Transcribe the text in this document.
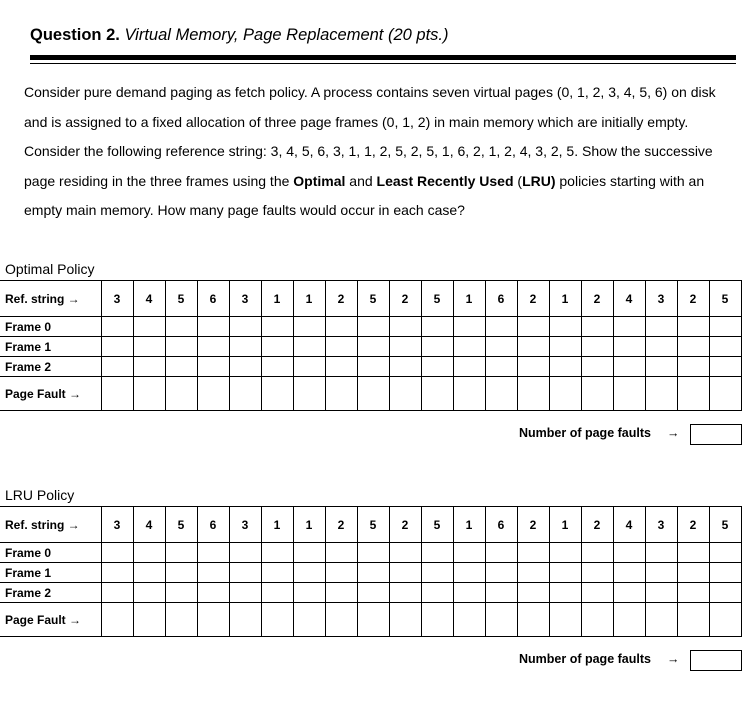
Question 2. Virtual Memory, Page Replacement (20 pts.)
Consider pure demand paging as fetch policy. A process contains seven virtual pages (0, 1, 2, 3, 4, 5, 6) on disk and is assigned to a fixed allocation of three page frames (0, 1, 2) in main memory which are initially empty. Consider the following reference string: 3, 4, 5, 6, 3, 1, 1, 2, 5, 2, 5, 1, 6, 2, 1, 2, 4, 3, 2, 5. Show the successive page residing in the three frames using the Optimal and Least Recently Used (LRU) policies starting with an empty main memory. How many page faults would occur in each case?
Optimal Policy
Ref. string →	3	4	5	6	3	1	1	2	5	2	5	1	6	2	1	2	4	3	2	5
Frame 0																				
Frame 1																				
Frame 2																				
Page Fault →																				
Number of page faults →
LRU Policy
Ref. string →	3	4	5	6	3	1	1	2	5	2	5	1	6	2	1	2	4	3	2	5
Frame 0																				
Frame 1																				
Frame 2																				
Page Fault →																				
Number of page faults →
